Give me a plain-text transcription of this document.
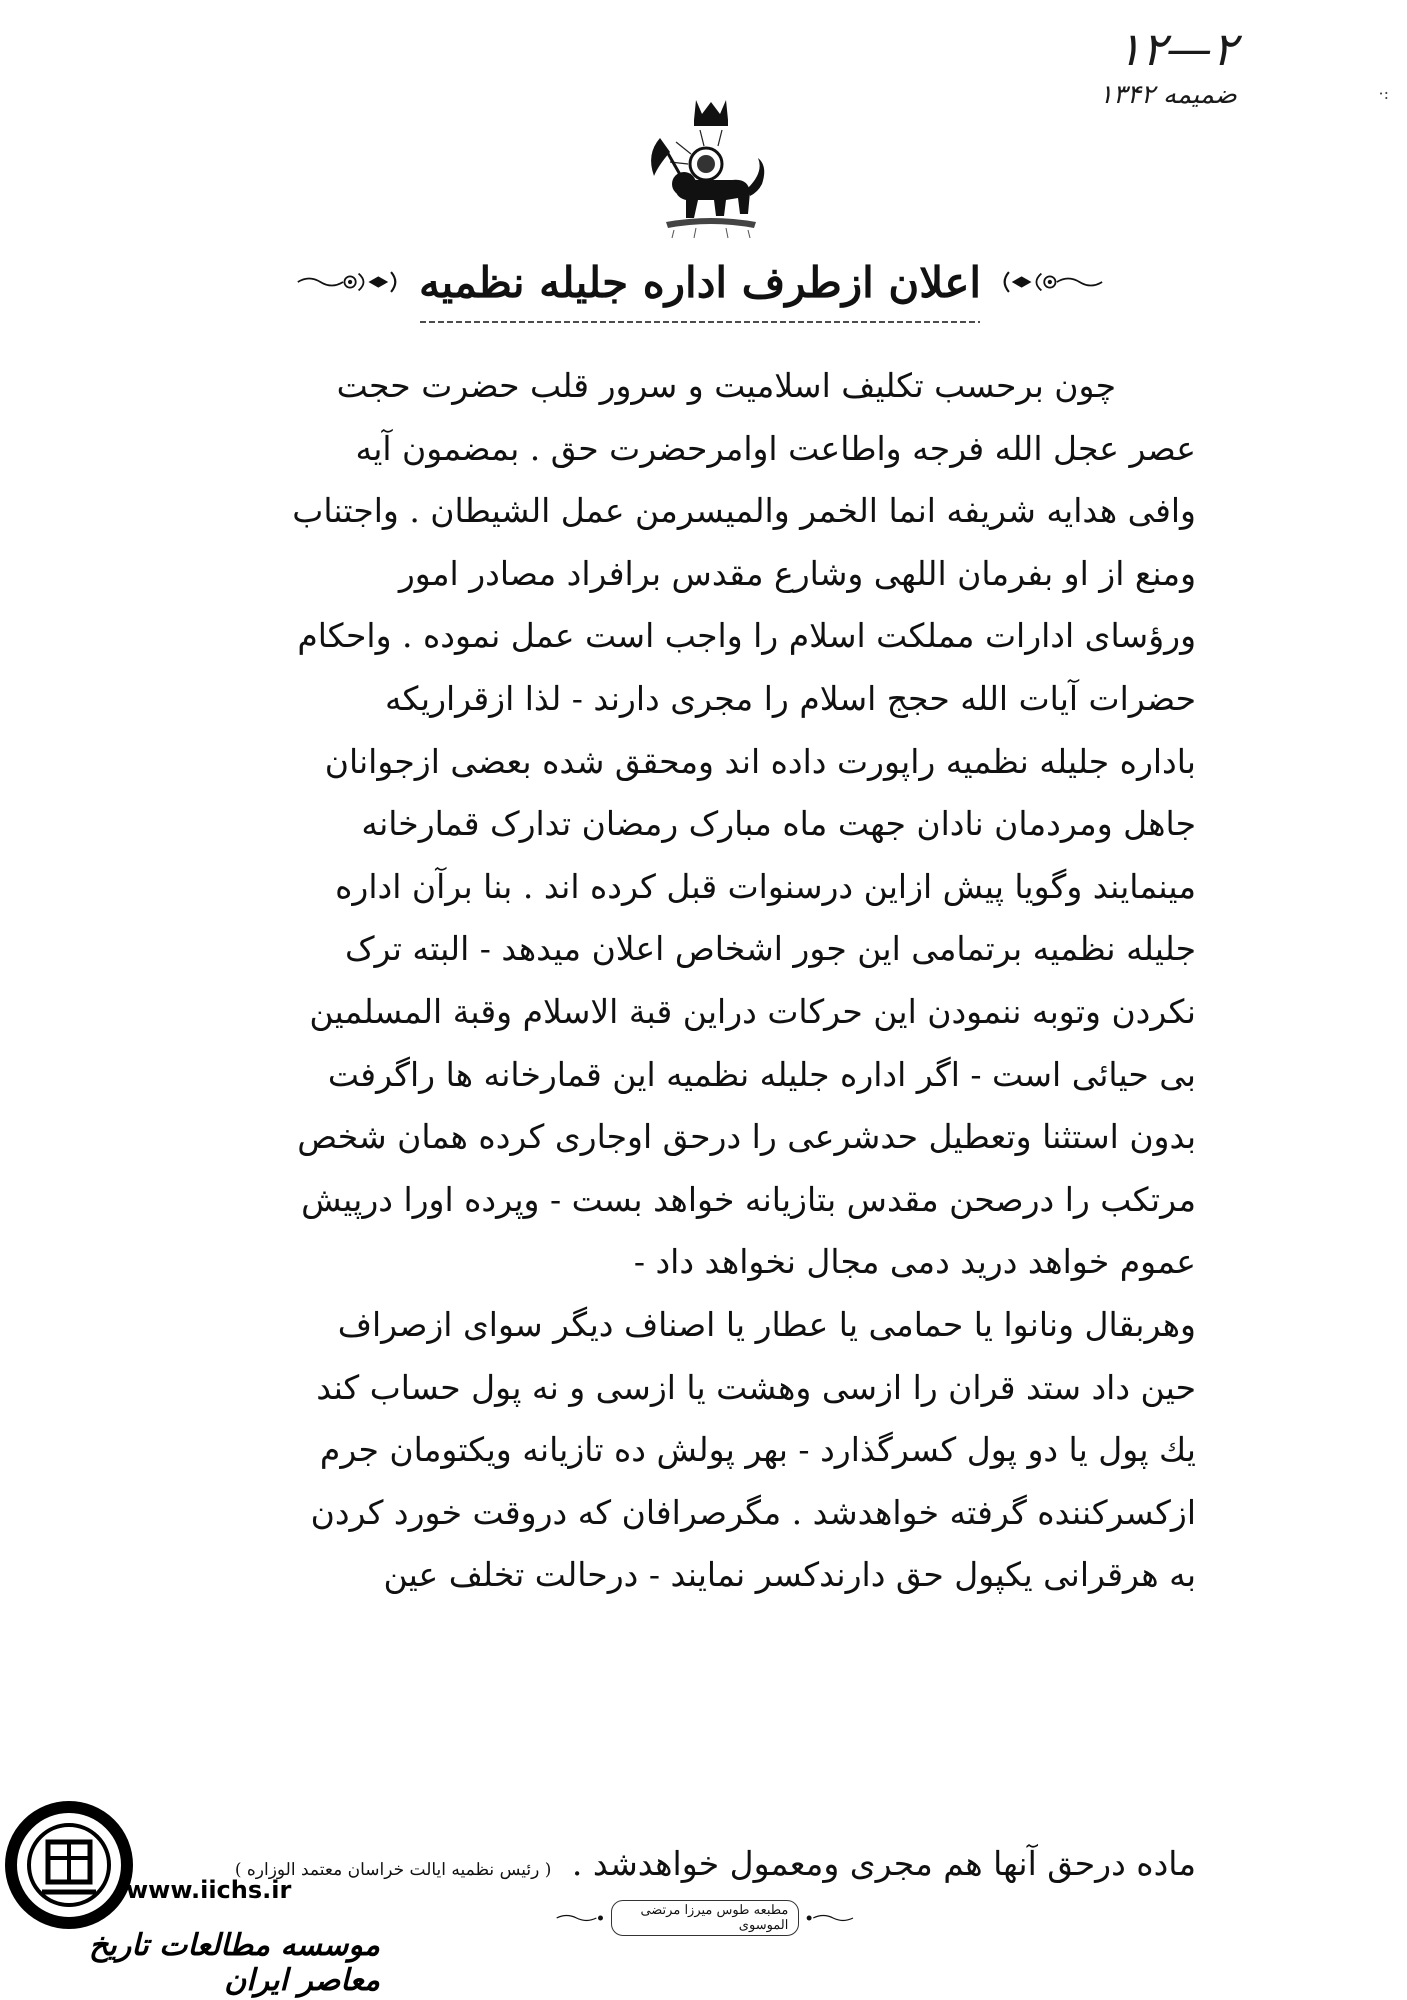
·:
۱۲—۲
ضمیمه ۱۳۴۲
اعلان ازطرف اداره جلیله نظمیه
چون برحسب تکلیف اسلامیت و سرور قلب حضرت حجت
عصر عجل الله فرجه واطاعت اوامرحضرت حق . بمضمون آیه
وافی هدایه شریفه انما الخمر والمیسرمن عمل الشیطان . واجتناب
ومنع از او بفرمان اللهی وشارع مقدس برافراد مصادر امور
ورؤسای ادارات مملکت اسلام را واجب است عمل نموده . واحکام
حضرات آیات الله حجج اسلام را مجری دارند - لذا ازقراریکه
باداره جلیله نظمیه راپورت داده اند ومحقق شده بعضی ازجوانان
جاهل ومردمان نادان جهت ماه مبارک رمضان تدارک قمارخانه
مینمایند وگویا پیش ازاین درسنوات قبل کرده اند . بنا برآن اداره
جلیله نظمیه برتمامی این جور اشخاص اعلان میدهد - البته ترک
نکردن وتوبه ننمودن این حرکات دراین قبة الاسلام وقبة المسلمین
بی حیائی است - اگر اداره جلیله نظمیه این قمارخانه ها راگرفت
بدون استثنا وتعطیل حدشرعی را درحق اوجاری کرده همان شخص
مرتکب را درصحن مقدس بتازیانه خواهد بست - وپرده اورا درپیش
عموم خواهد درید دمی مجال نخواهد داد -
وهربقال ونانوا یا حمامی یا عطار یا اصناف دیگر سوای ازصراف
حین داد ستد قران را ازسی وهشت یا ازسی و نه پول حساب کند
یك پول یا دو پول کسرگذارد - بهر پولش ده تازیانه ویکتومان جرم
ازکسرکننده گرفته خواهدشد . مگرصرافان که دروقت خورد کردن
به هرقرانی یکپول حق دارندکسر نمایند - درحالت تخلف عین
ماده درحق آنها هم مجری ومعمول خواهدشد . ( رئیس نظمیه ایالت خراسان معتمد الوزاره )
مطبعه طوس میرزا مرتضی الموسوی
www.iichs.ir
موسسه مطالعات تاریخ معاصر ایران
